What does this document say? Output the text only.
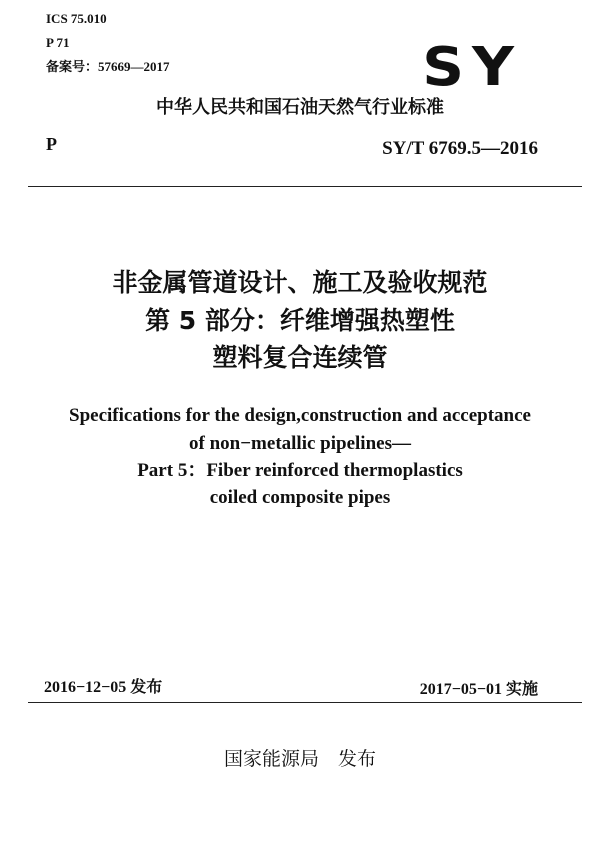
ICS 75.010
P 71
备案号：57669—2017	SY
中华人民共和国石油天然气行业标准
P	SY/T 6769.5—2016
非金属管道设计、施工及验收规范
第 5 部分：纤维增强热塑性
塑料复合连续管
Specifications for the design,construction and acceptance
of non−metallic pipelines—
Part 5：Fiber reinforced thermoplastics
coiled composite pipes
2016−12−05 发布	2017−05−01 实施
国家能源局　发布
